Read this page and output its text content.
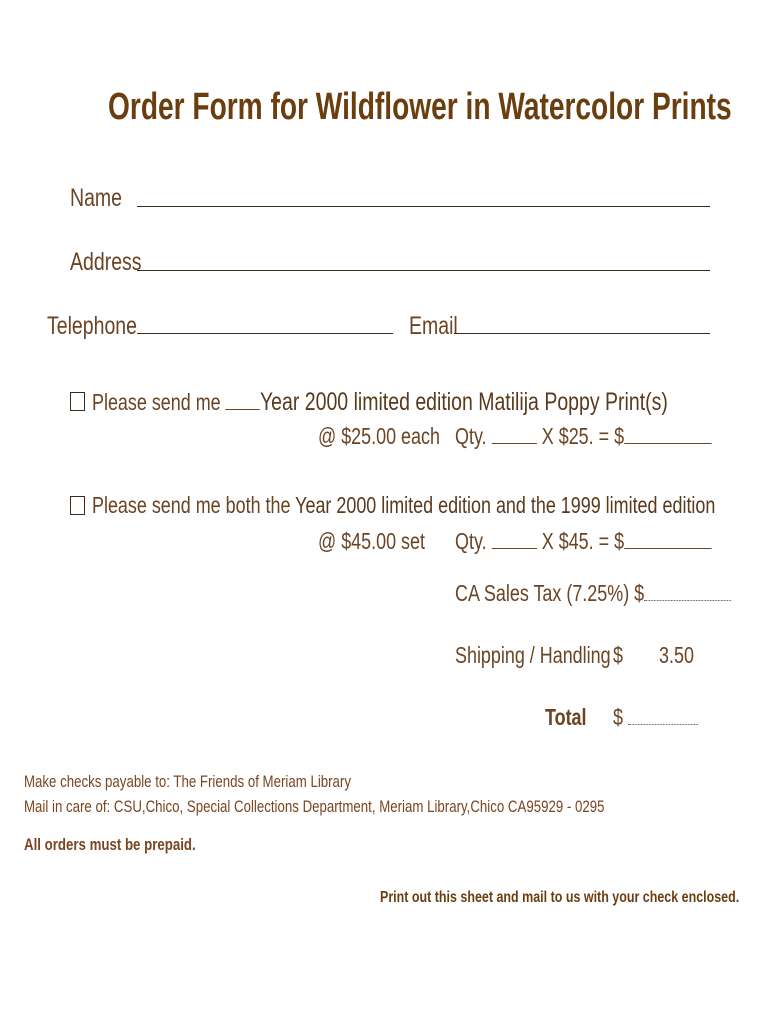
Order Form for Wildflower in Watercolor Prints
Name
Address
Telephone	Email
Please send me Year 2000 limited edition Matilija Poppy Print(s)
@ $25.00 each Qty.  X $25. = $
Please send me both the Year 2000 limited edition and the 1999 limited edition
@ $45.00 set	Qty.  X $45. = $
CA Sales Tax (7.25%) $
Shipping / Handling $ 3.50
Total	$
Make checks payable to: The Friends of Meriam Library
Mail in care of: CSU,Chico, Special Collections Department, Meriam Library,Chico CA95929 - 0295
All orders must be prepaid.
Print out this sheet and mail to us with your check enclosed.
